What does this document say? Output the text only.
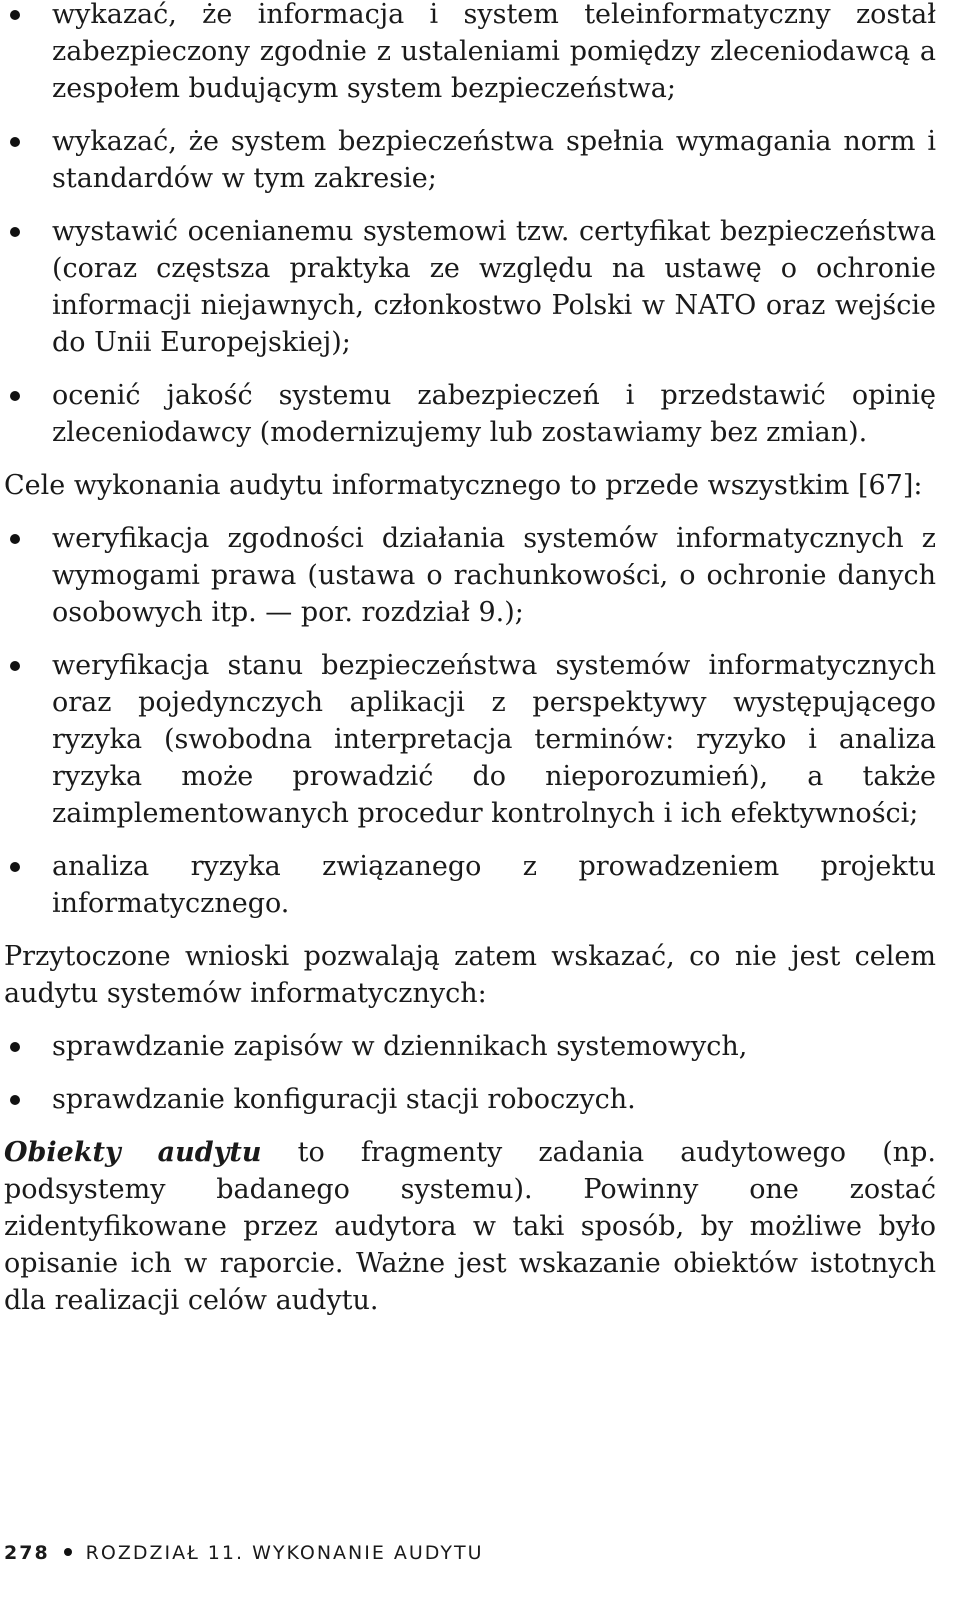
wykazać, że informacja i system teleinformatyczny został zabezpieczony zgodnie z ustaleniami pomiędzy zleceniodawcą a zespołem budującym system bezpieczeństwa;
wykazać, że system bezpieczeństwa spełnia wymagania norm i standardów w tym zakresie;
wystawić ocenianemu systemowi tzw. certyfikat bezpieczeństwa (coraz częstsza praktyka ze względu na ustawę o ochronie informacji niejawnych, członkostwo Polski w NATO oraz wejście do Unii Europejskiej);
ocenić jakość systemu zabezpieczeń i przedstawić opinię zleceniodawcy (modernizujemy lub zostawiamy bez zmian).

Cele wykonania audytu informatycznego to przede wszystkim [67]:

weryfikacja zgodności działania systemów informatycznych z wymogami prawa (ustawa o rachunkowości, o ochronie danych osobowych itp. — por. rozdział 9.);
weryfikacja stanu bezpieczeństwa systemów informatycznych oraz pojedynczych aplikacji z perspektywy występującego ryzyka (swobodna interpretacja terminów: ryzyko i analiza ryzyka może prowadzić do nieporozumień), a także zaimplementowanych procedur kontrolnych i ich efektywności;
analiza ryzyka związanego z prowadzeniem projektu informatycznego.

Przytoczone wnioski pozwalają zatem wskazać, co nie jest celem audytu systemów informatycznych:

sprawdzanie zapisów w dziennikach systemowych,
sprawdzanie konfiguracji stacji roboczych.

Obiekty audytu to fragmenty zadania audytowego (np. podsystemy badanego systemu). Powinny one zostać zidentyfikowane przez audytora w taki sposób, by możliwe było opisanie ich w raporcie. Ważne jest wskazanie obiektów istotnych dla realizacji celów audytu.

278 ROZDZIAŁ 11. WYKONANIE AUDYTU
